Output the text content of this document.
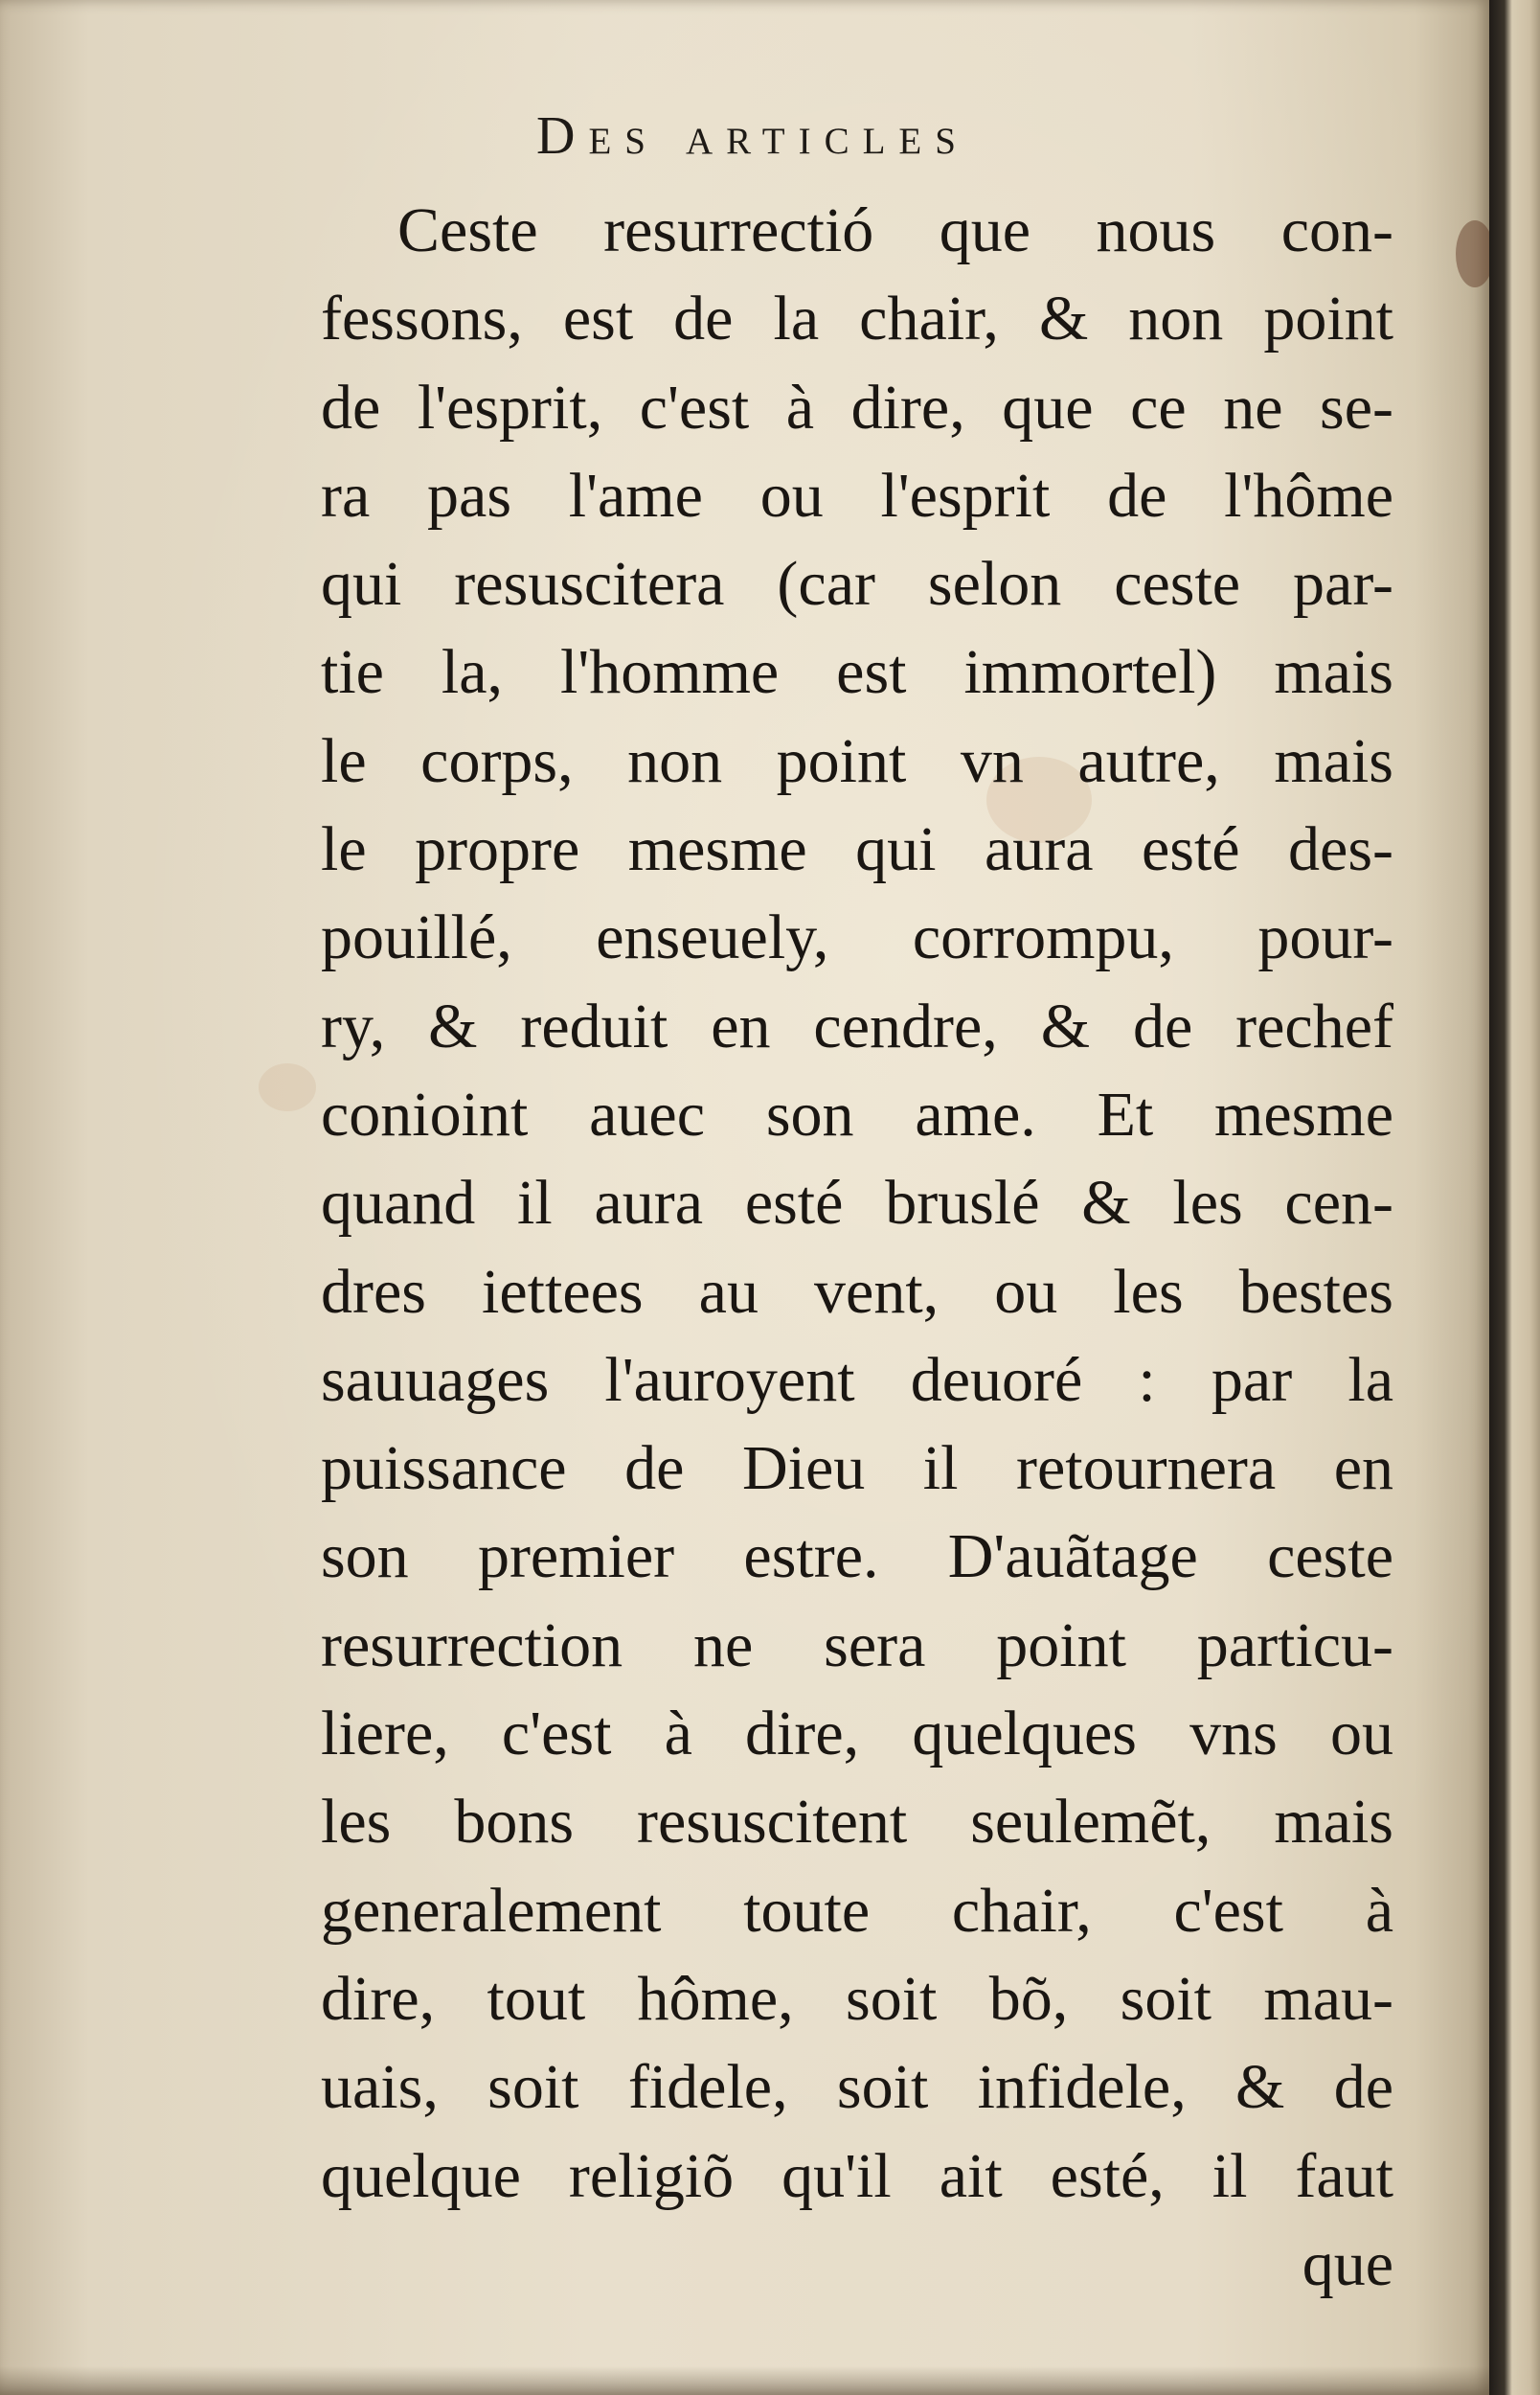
Des articles
Ceste resurrectió que nous con-
fessons, est de la chair, & non point
de l'esprit, c'est à dire, que ce ne se-
ra pas l'ame ou l'esprit de l'hôme
qui resuscitera (car selon ceste par-
tie la, l'homme est immortel) mais
le corps, non point vn autre, mais
le propre mesme qui aura esté des-
pouillé, enseuely, corrompu, pour-
ry, & reduit en cendre, & de rechef
conioint auec son ame. Et mesme
quand il aura esté bruslé & les cen-
dres iettees au vent, ou les bestes
sauuages l'auroyent deuoré : par la
puissance de Dieu il retournera en
son premier estre. D'auãtage ceste
resurrection ne sera point particu-
liere, c'est à dire, quelques vns ou
les bons resuscitent seulemẽt, mais
generalement toute chair, c'est à
dire, tout hôme, soit bõ, soit mau-
uais, soit fidele, soit infidele, & de
quelque religiõ qu'il ait esté, il faut
que
